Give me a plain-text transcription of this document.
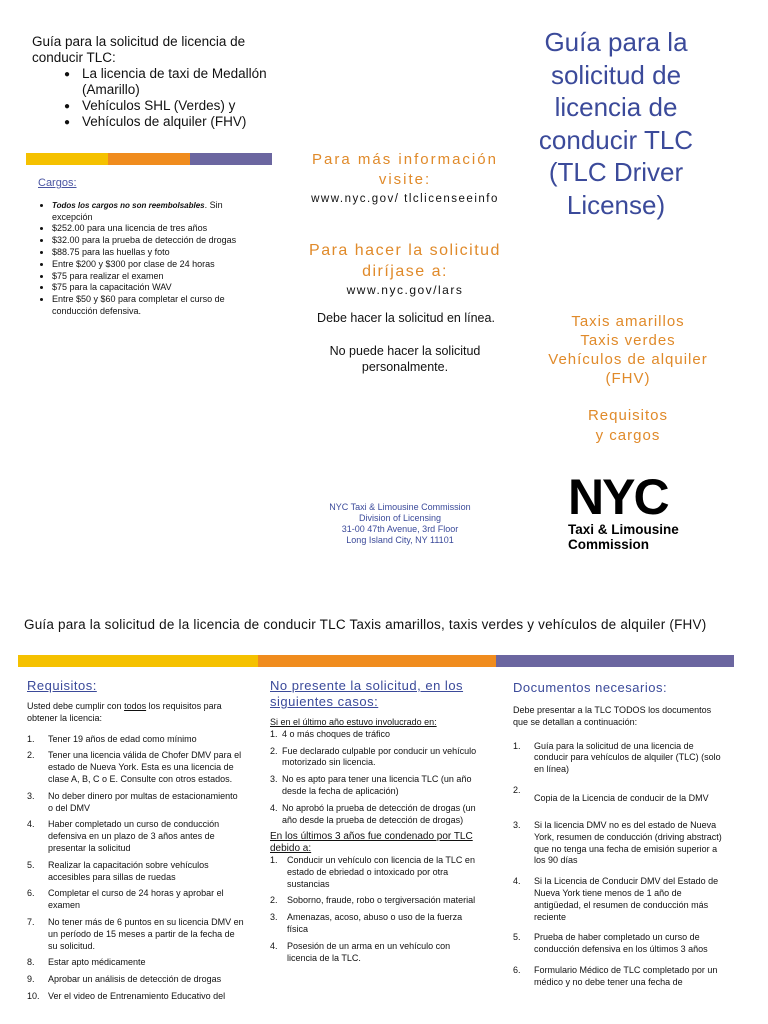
Guía para la solicitud de licencia de conducir TLC:
● La licencia de taxi de Medallón (Amarillo)
● Vehículos SHL (Verdes) y
● Vehículos de alquiler (FHV)
Cargos:
• Todos los cargos no son reembolsables. Sin excepción
• $252.00 para una licencia de tres años
• $32.00 para la prueba de detección de drogas
• $88.75 para las huellas y foto
• Entre $200 y $300 por clase de 24 horas
• $75 para realizar el examen
• $75 para la capacitación WAV
• Entre $50 y $60 para completar el curso de conducción defensiva.
Para más información visite:
www.nyc.gov/ tlclicenseeinfo
Para hacer la solicitud diríjase a:
www.nyc.gov/lars
Debe hacer la solicitud en línea.
No puede hacer la solicitud personalmente.
NYC Taxi & Limousine Commission
Division of Licensing
31-00 47th Avenue, 3rd Floor
Long Island City, NY 11101
Guía para la solicitud de licencia de conducir TLC (TLC Driver License)
Taxis amarillos
Taxis verdes
Vehículos de alquiler (FHV)
Requisitos
y cargos
NYC
Taxi & Limousine
Commission
Guía para la solicitud de la licencia de conducir TLC Taxis amarillos, taxis verdes y vehículos de alquiler (FHV)
Requisitos:
Usted debe cumplir con todos los requisitos para obtener la licencia:
1. Tener 19 años de edad como mínimo
2. Tener una licencia válida de Chofer DMV para el estado de Nueva York. Esta es una licencia de clase A, B, C o E. Consulte con otros estados.
3. No deber dinero por multas de estacionamiento o del DMV
4. Haber completado un curso de conducción defensiva en un plazo de 3 años antes de presentar la solicitud
5. Realizar la capacitación sobre vehículos accesibles para sillas de ruedas
6. Completar el curso de 24 horas y aprobar el examen
7. No tener más de 6 puntos en su licencia DMV en un período de 15 meses a partir de la fecha de su solicitud.
8. Estar apto médicamente
9. Aprobar un análisis de detección de drogas
10. Ver el video de Entrenamiento Educativo del
No presente la solicitud, en los siguientes casos:
Si en el último año estuvo involucrado en:
1. 4 o más choques de tráfico
2. Fue declarado culpable por conducir un vehículo motorizado sin licencia.
3. No es apto para tener una licencia TLC (un año desde la fecha de aplicación)
4. No aprobó la prueba de detección de drogas (un año desde la prueba de detección de drogas)
En los últimos 3 años fue condenado por TLC debido a:
1. Conducir un vehículo con licencia de la TLC en estado de ebriedad o intoxicado por otra sustancias
2. Soborno, fraude, robo o tergiversación material
3. Amenazas, acoso, abuso o uso de la fuerza física
4. Posesión de un arma en un vehículo con licencia de la TLC.
Documentos necesarios:
Debe presentar a la TLC TODOS los documentos que se detallan a continuación:
1. Guía para la solicitud de una licencia de conducir para vehículos de alquiler (TLC) (solo en línea)
2.
Copia de la Licencia de conducir de la DMV
3. Si la licencia DMV no es del estado de Nueva York, resumen de conducción (driving abstract) que no tenga una fecha de emisión superior a los 90 días
4. Si la Licencia de Conducir DMV del Estado de Nueva York tiene menos de 1 año de antigüedad, el resumen de conducción más reciente
5. Prueba de haber completado un curso de conducción defensiva en los últimos 3 años
6. Formulario Médico de TLC completado por un médico y no debe tener una fecha de
